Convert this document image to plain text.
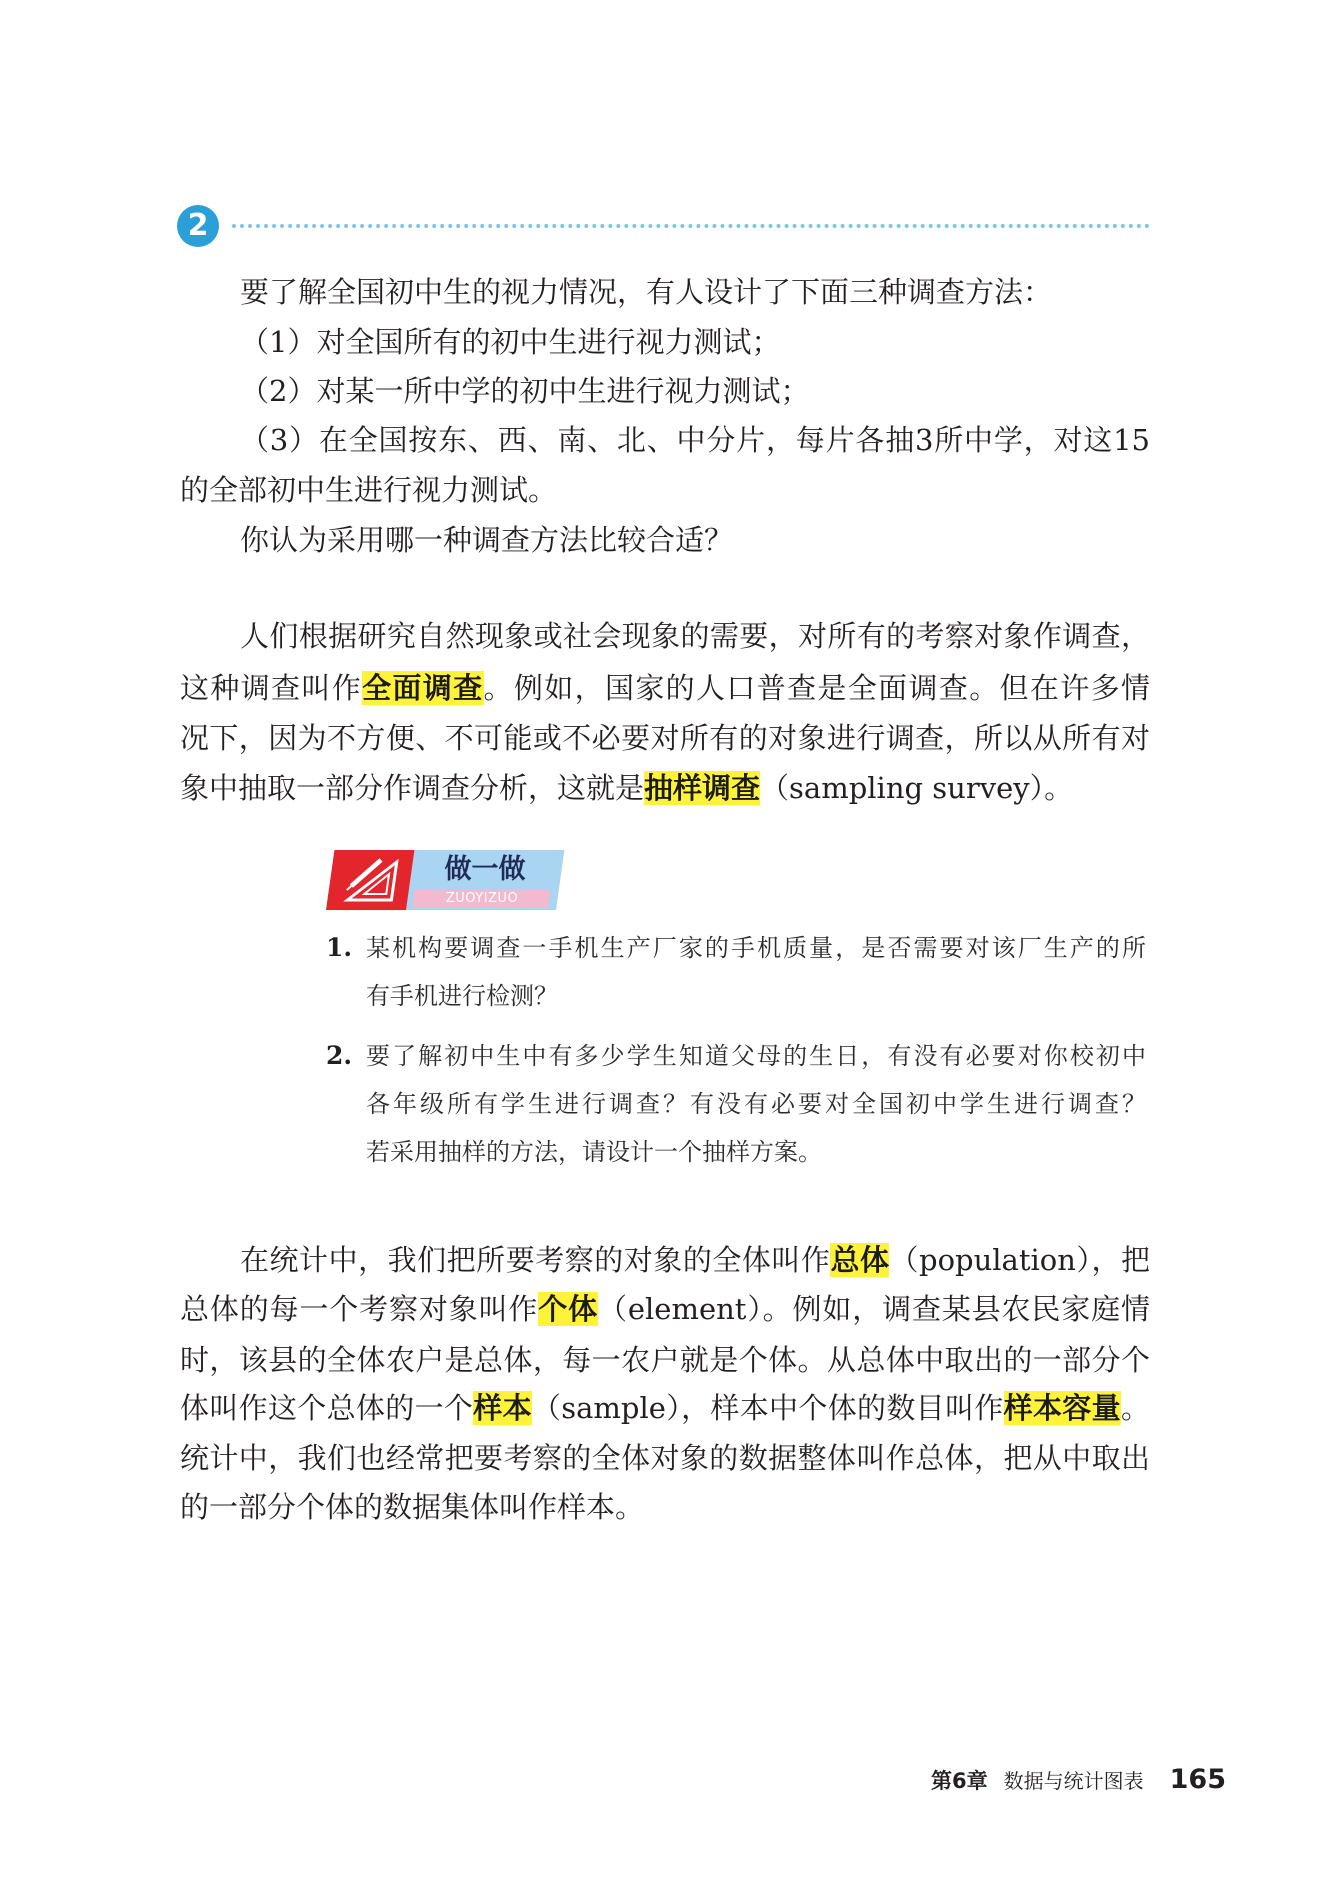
2
要了解全国初中生的视力情况，有人设计了下面三种调查方法：
（1）对全国所有的初中生进行视力测试；
（2）对某一所中学的初中生进行视力测试；
（3）在全国按东、西、南、北、中分片，每片各抽3所中学，对这15
的全部初中生进行视力测试。
你认为采用哪一种调查方法比较合适？
人们根据研究自然现象或社会现象的需要，对所有的考察对象作调查，
这种调查叫作全面调查。例如，国家的人口普查是全面调查。但在许多情
况下，因为不方便、不可能或不必要对所有的对象进行调查，所以从所有对
象中抽取一部分作调查分析，这就是抽样调查（sampling survey）。
做一做
ZUOYIZUO
1. 某机构要调查一手机生产厂家的手机质量，是否需要对该厂生产的所
有手机进行检测？
2. 要了解初中生中有多少学生知道父母的生日，有没有必要对你校初中
各年级所有学生进行调查？有没有必要对全国初中学生进行调查？
若采用抽样的方法，请设计一个抽样方案。
在统计中，我们把所要考察的对象的全体叫作总体（population），把
总体的每一个考察对象叫作个体（element）。例如，调查某县农民家庭情
时，该县的全体农户是总体，每一农户就是个体。从总体中取出的一部分个
体叫作这个总体的一个样本（sample），样本中个体的数目叫作样本容量。
统计中，我们也经常把要考察的全体对象的数据整体叫作总体，把从中取出
的一部分个体的数据集体叫作样本。
第6章 数据与统计图表 165
